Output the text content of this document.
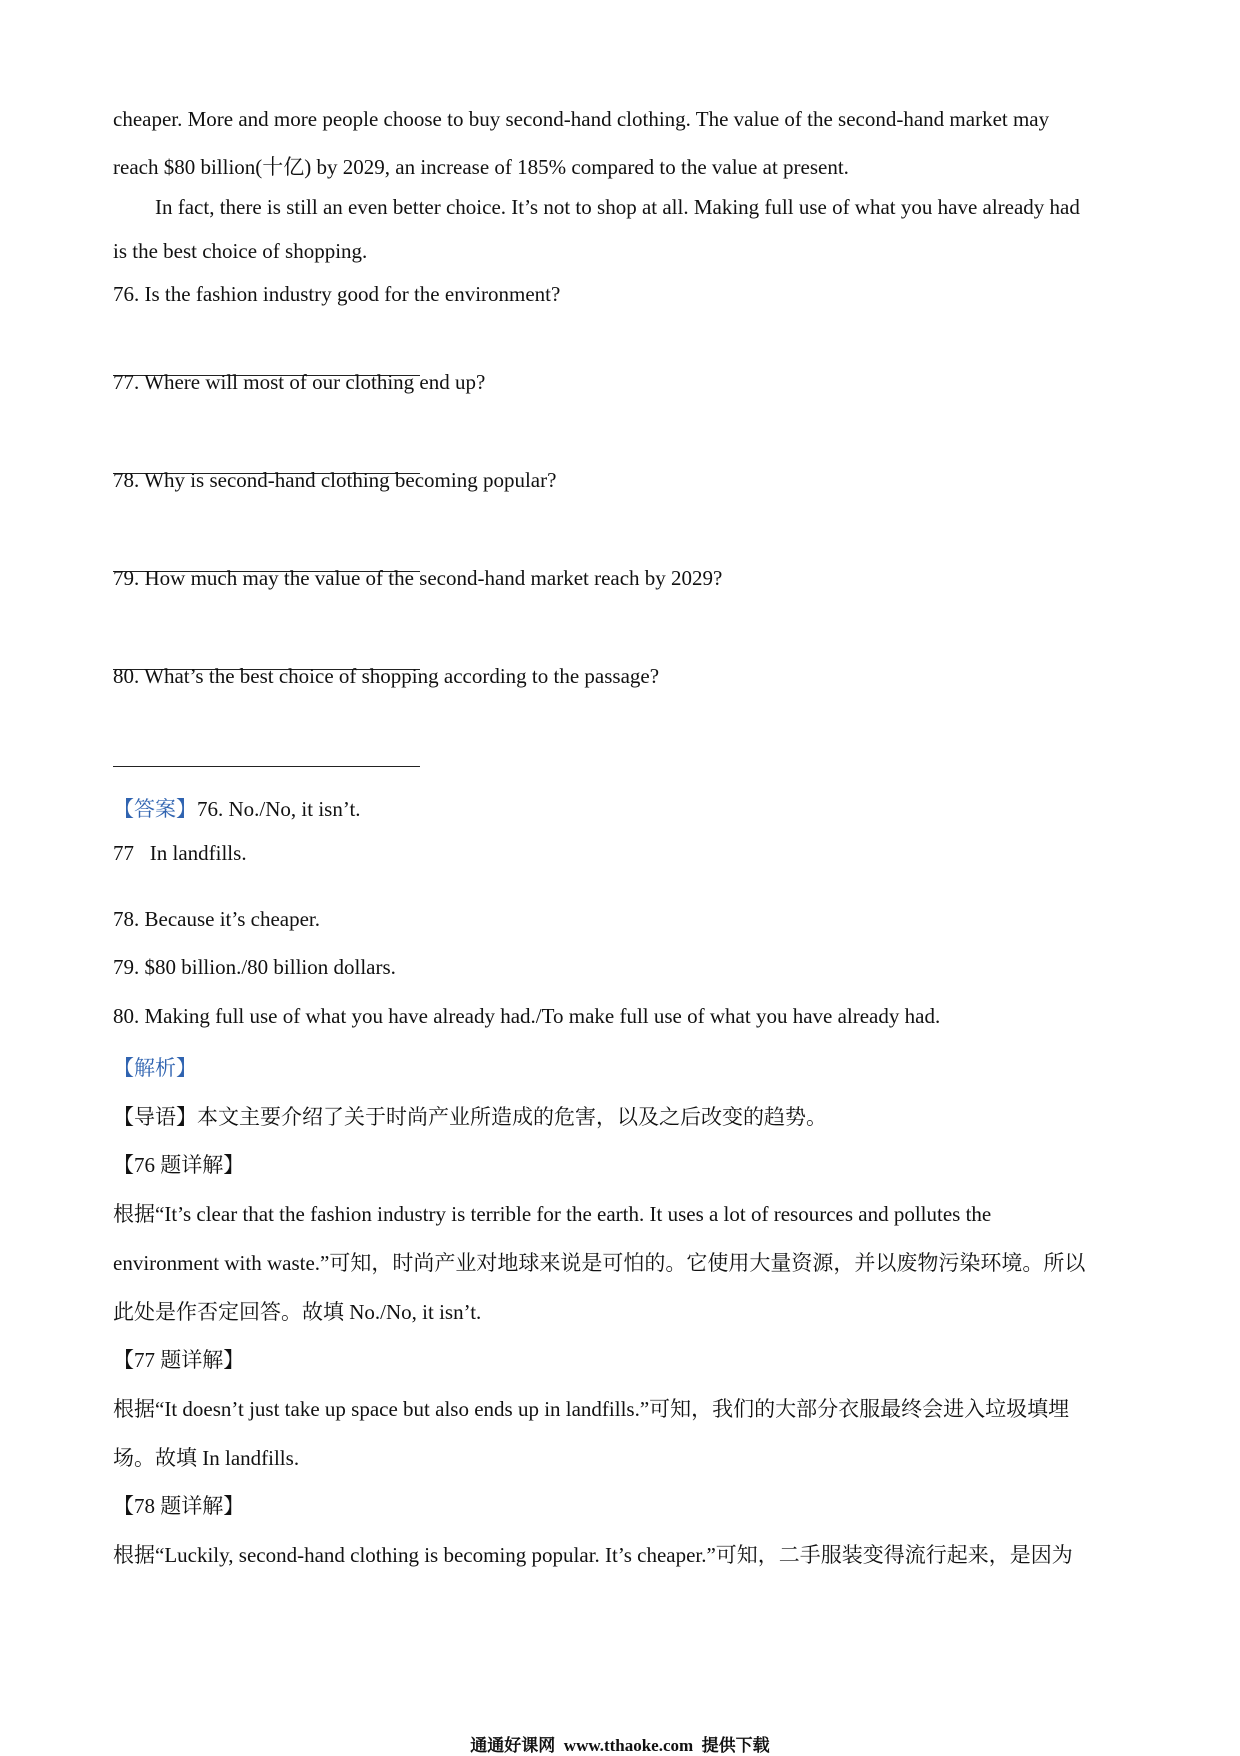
cheaper. More and more people choose to buy second-hand clothing. The value of the second-hand market may
reach $80 billion(十亿) by 2029, an increase of 185% compared to the value at present.
In fact, there is still an even better choice. It’s not to shop at all. Making full use of what you have already had
is the best choice of shopping.
76. Is the fashion industry good for the environment?
77. Where will most of our clothing end up?
78. Why is second-hand clothing becoming popular?
79. How much may the value of the second-hand market reach by 2029?
80. What’s the best choice of shopping according to the passage?
【答案】76. No./No, it isn’t.
77   In landfills.
78. Because it’s cheaper.
79. $80 billion./80 billion dollars.
80. Making full use of what you have already had./To make full use of what you have already had.
【解析】
【导语】本文主要介绍了关于时尚产业所造成的危害，以及之后改变的趋势。
【76 题详解】
根据“It’s clear that the fashion industry is terrible for the earth. It uses a lot of resources and pollutes the
environment with waste.”可知，时尚产业对地球来说是可怕的。它使用大量资源，并以废物污染环境。所以
此处是作否定回答。故填 No./No, it isn’t.
【77 题详解】
根据“It doesn’t just take up space but also ends up in landfills.”可知，我们的大部分衣服最终会进入垃圾填埋
场。故填 In landfills.
【78 题详解】
根据“Luckily, second-hand clothing is becoming popular. It’s cheaper.”可知，二手服装变得流行起来，是因为
通通好课网  www.tthaoke.com  提供下载
